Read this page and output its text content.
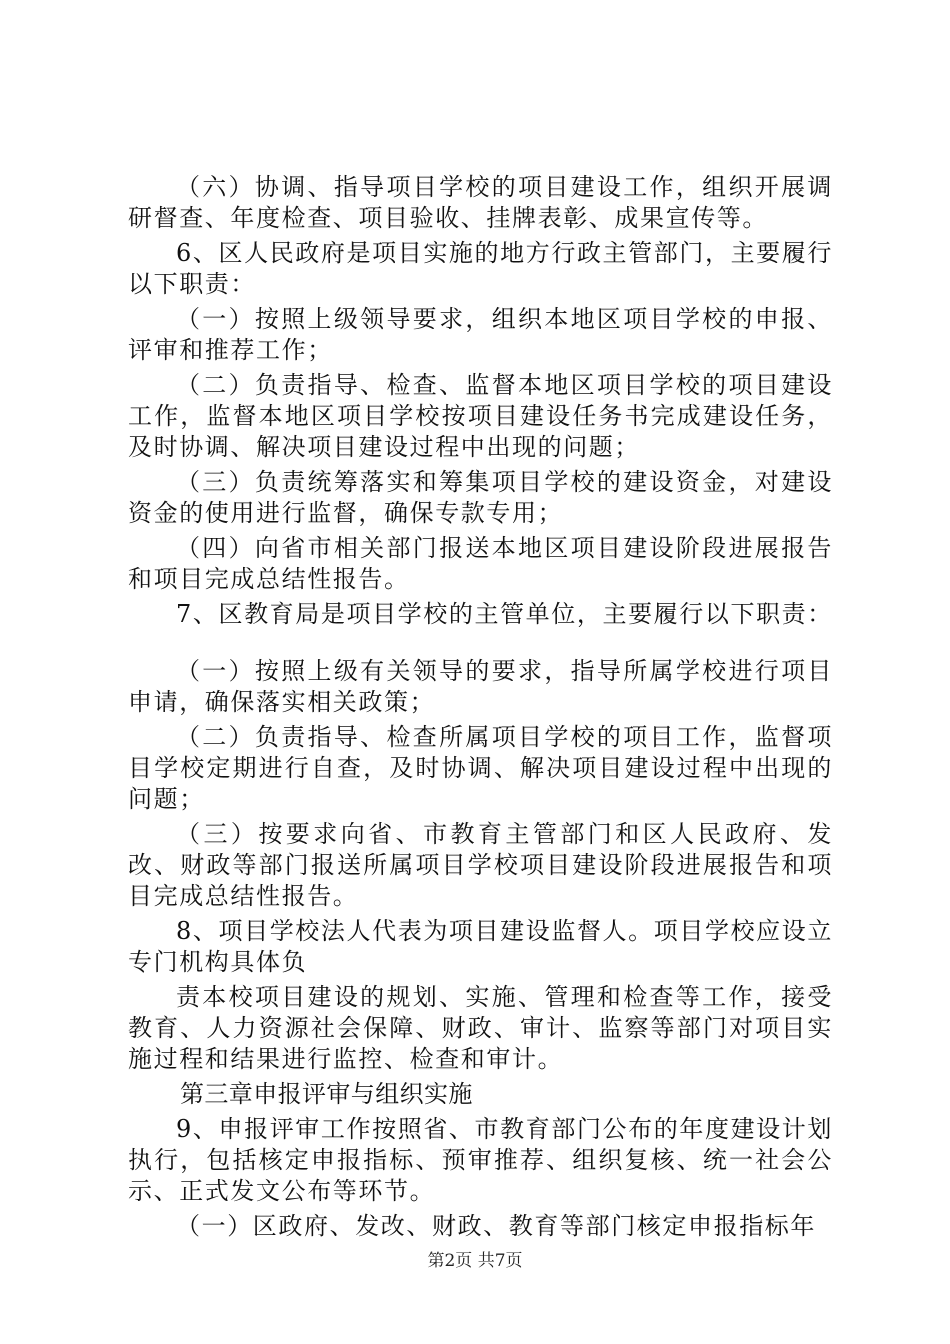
（六）协调、指导项目学校的项目建设工作，组织开展调研督查、年度检查、项目验收、挂牌表彰、成果宣传等。

6、区人民政府是项目实施的地方行政主管部门，主要履行以下职责：

（一）按照上级领导要求，组织本地区项目学校的申报、评审和推荐工作；

（二）负责指导、检查、监督本地区项目学校的项目建设工作，监督本地区项目学校按项目建设任务书完成建设任务，及时协调、解决项目建设过程中出现的问题；

（三）负责统筹落实和筹集项目学校的建设资金，对建设资金的使用进行监督，确保专款专用；

（四）向省市相关部门报送本地区项目建设阶段进展报告和项目完成总结性报告。

7、区教育局是项目学校的主管单位，主要履行以下职责：

（一）按照上级有关领导的要求，指导所属学校进行项目申请，确保落实相关政策；

（二）负责指导、检查所属项目学校的项目工作，监督项目学校定期进行自查，及时协调、解决项目建设过程中出现的问题；

（三）按要求向省、市教育主管部门和区人民政府、发改、财政等部门报送所属项目学校项目建设阶段进展报告和项目完成总结性报告。

8、项目学校法人代表为项目建设监督人。项目学校应设立专门机构具体负

责本校项目建设的规划、实施、管理和检查等工作，接受教育、人力资源社会保障、财政、审计、监察等部门对项目实施过程和结果进行监控、检查和审计。

第三章申报评审与组织实施

9、申报评审工作按照省、市教育部门公布的年度建设计划执行，包括核定申报指标、预审推荐、组织复核、统一社会公示、正式发文公布等环节。

（一）区政府、发改、财政、教育等部门核定申报指标年

第2页 共7页
